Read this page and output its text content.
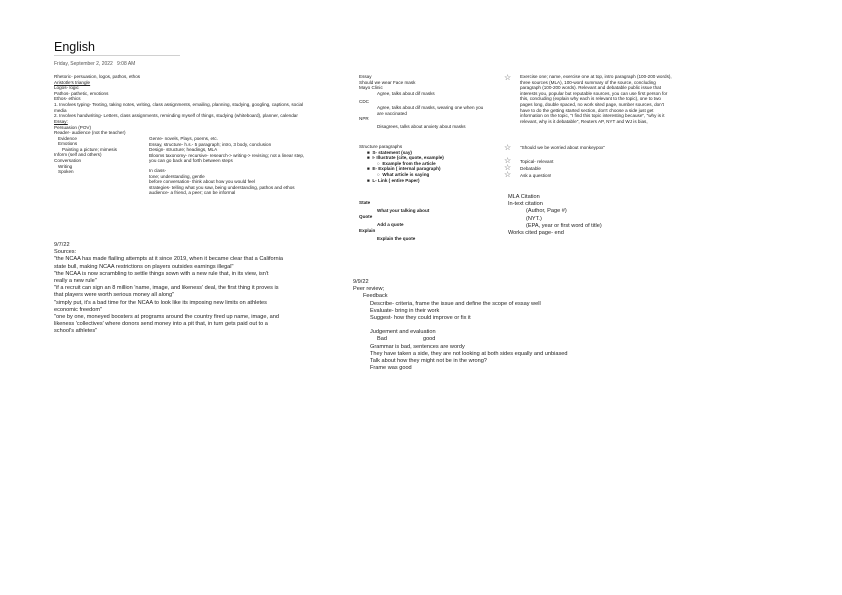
English
Friday, September 2, 2022 9:08 AM
Rhetoric- persuasion, logos, pathos, ethos
Aristotle's triangle
Logos- logic
Pathos- pathetic, emotions
Ethos- ethics
1. Involves typing- Texting, taking notes, writing, class assignments, emailing, planning, studying, googling, captions, social
media
2. Involves handwriting- Letters, class assignments, reminding myself of things, studying (whiteboard), planner, calendar
Essay:
Persuasion (POV)
Reader- audience (not the teacher)
Evidence
Emotions
Painting a picture; mimesis
Inform (self and others)
Conversation
Writing
Spoken
Genre- novels, Plays, poems, etc.
Essay, structure- h.s.- 5 paragraph; intro, 3 body, conclusion
Design- structure; headings, MLA
Blooms taxonomy- recursive- research-> writing-> revising; not a linear step,
you can go back and forth between steps
In class-
tone; understanding, gentle
before conversation- think about how you would feel
strategies- telling what you saw, being understanding, pathos and ethos
audience- a friend, a peer; can be informal
Essay
Should we wear Face mask
Mayo Clinic
Agree, talks about dif masks
CDC
Agree, talks about dif masks, wearing one when you
are vaccinated
NPR
Disagrees, talks about anxiety about masks
Structure paragraphs
■  S- statement (say)
■  I- Illustrate (cite, quote, example)
○  Example from the article
■  E- Explain ( internal paragraph)
○  What article is saying
■  L- Link ( entire Paper)
State
What your talking about
Quote
Add a quote
Explain
Explain the quote
☆ Exercise one; name, exercise one at top, intro paragraph (100-200 words),
three sources (MLA), 100-word summary of the source, concluding
paragraph (100-200 words). Relevant and debatable public issue that
interests you, popular but reputable sources, you can use first person for
this, concluding (explain why each is relevant to the topic), one to two
pages long, double spaced, no work sited page, number sources, don't
have to do the getting started section, don't choose a side just get
information on the topic, "I find this topic interesting because", "why is it
relevant, why is it debatable", Reuters AP, NYT and WJ is bias,
☆ "Should we be worried about monkeypox"
☆
☆
☆
Topical- relevant
Debatable
Ask a question!
MLA Citation
In-text citation
(Author, Page #)
(NYT.)
(EPA, year or first word of title)
Works cited page- end
9/7/22
Sources:
"the NCAA has made flailing attempts at it since 2019, when it became clear that a California
state bull, making NCAA restrictions on players outsides earnings illegal"
"the NCAA is now scrambling to settle things sown with a new rule that, in its view, isn't
really a new rule"
"if a recruit can sign an 8 million 'name, image, and likeness' deal, the first thing it proves is
that players were worth serious money all along"
"simply put, it's a bad time for the NCAA to look like its imposing new limits on athletes
economic freedom"
"one by one, moneyed boosters at programs around the country fired up name, image, and
likeness 'collectives' where donors send money into a pit that, in turn gets paid out to a
school's athletes"
9/9/22
Peer review;
Feedback
Describe- criteria, frame the issue and define the scope of essay well
Evaluate- bring in their work
Suggest- how they could improve or fix it
Judgement and evaluation
Bad	good
Grammar is bad, sentences are wordy
They have taken a side, they are not looking at both sides equally and unbiased
Talk about how they might not be in the wrong?
Frame was good
